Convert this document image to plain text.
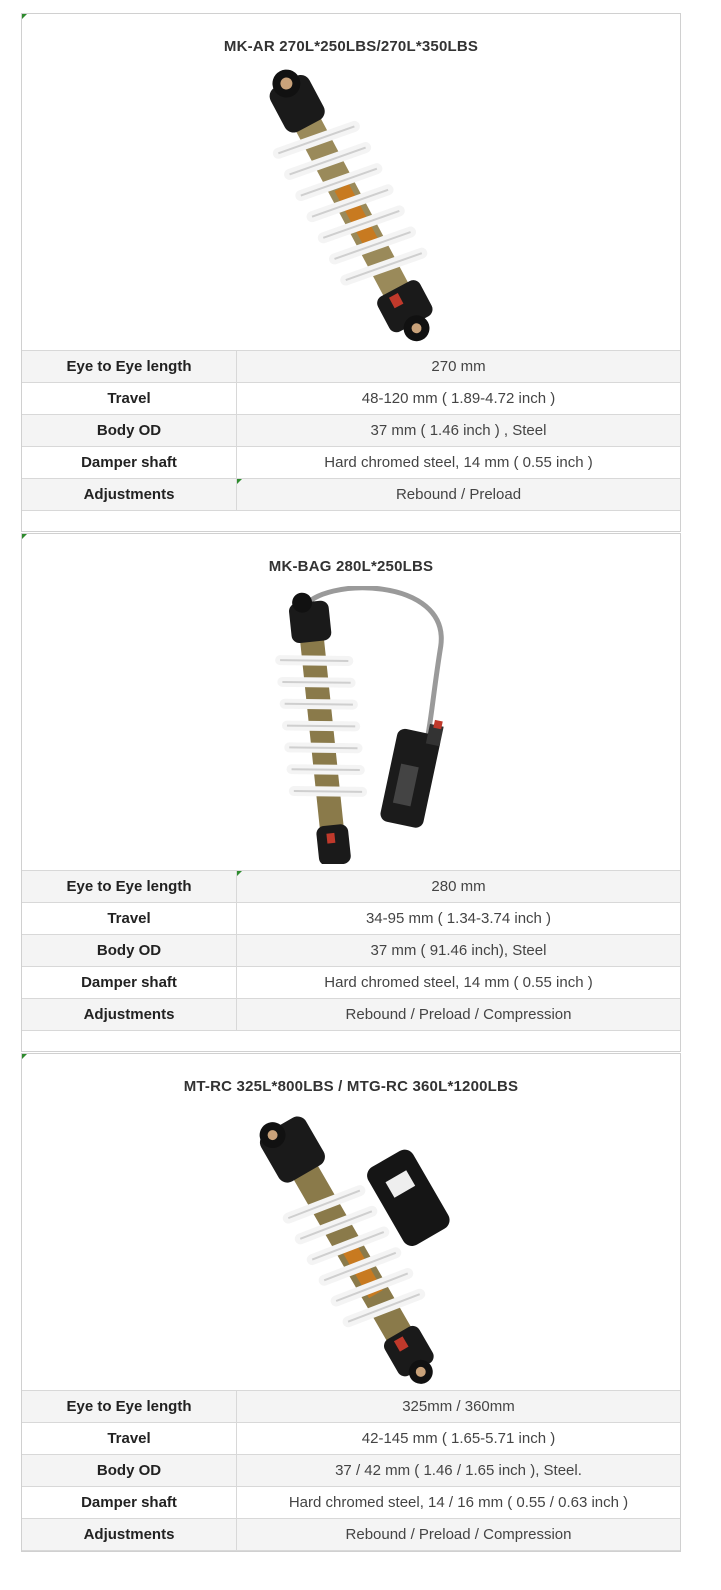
MK-AR 270L*250LBS/270L*350LBS
Eye to Eye length	270 mm
Travel	48-120 mm ( 1.89-4.72 inch )
Body OD	37 mm ( 1.46 inch ) , Steel
Damper shaft	Hard chromed steel, 14 mm ( 0.55 inch )
Adjustments	Rebound / Preload
MK-BAG 280L*250LBS
Eye to Eye length	280 mm
Travel	34-95 mm ( 1.34-3.74 inch )
Body OD	37 mm ( 91.46 inch), Steel
Damper shaft	Hard chromed steel, 14 mm ( 0.55 inch )
Adjustments	Rebound / Preload / Compression
MT-RC 325L*800LBS / MTG-RC 360L*1200LBS
Eye to Eye length	325mm / 360mm
Travel	42-145 mm ( 1.65-5.71 inch )
Body OD	37 / 42 mm ( 1.46 / 1.65 inch ), Steel.
Damper shaft	Hard chromed steel, 14 / 16 mm ( 0.55 / 0.63 inch )
Adjustments	Rebound / Preload / Compression
